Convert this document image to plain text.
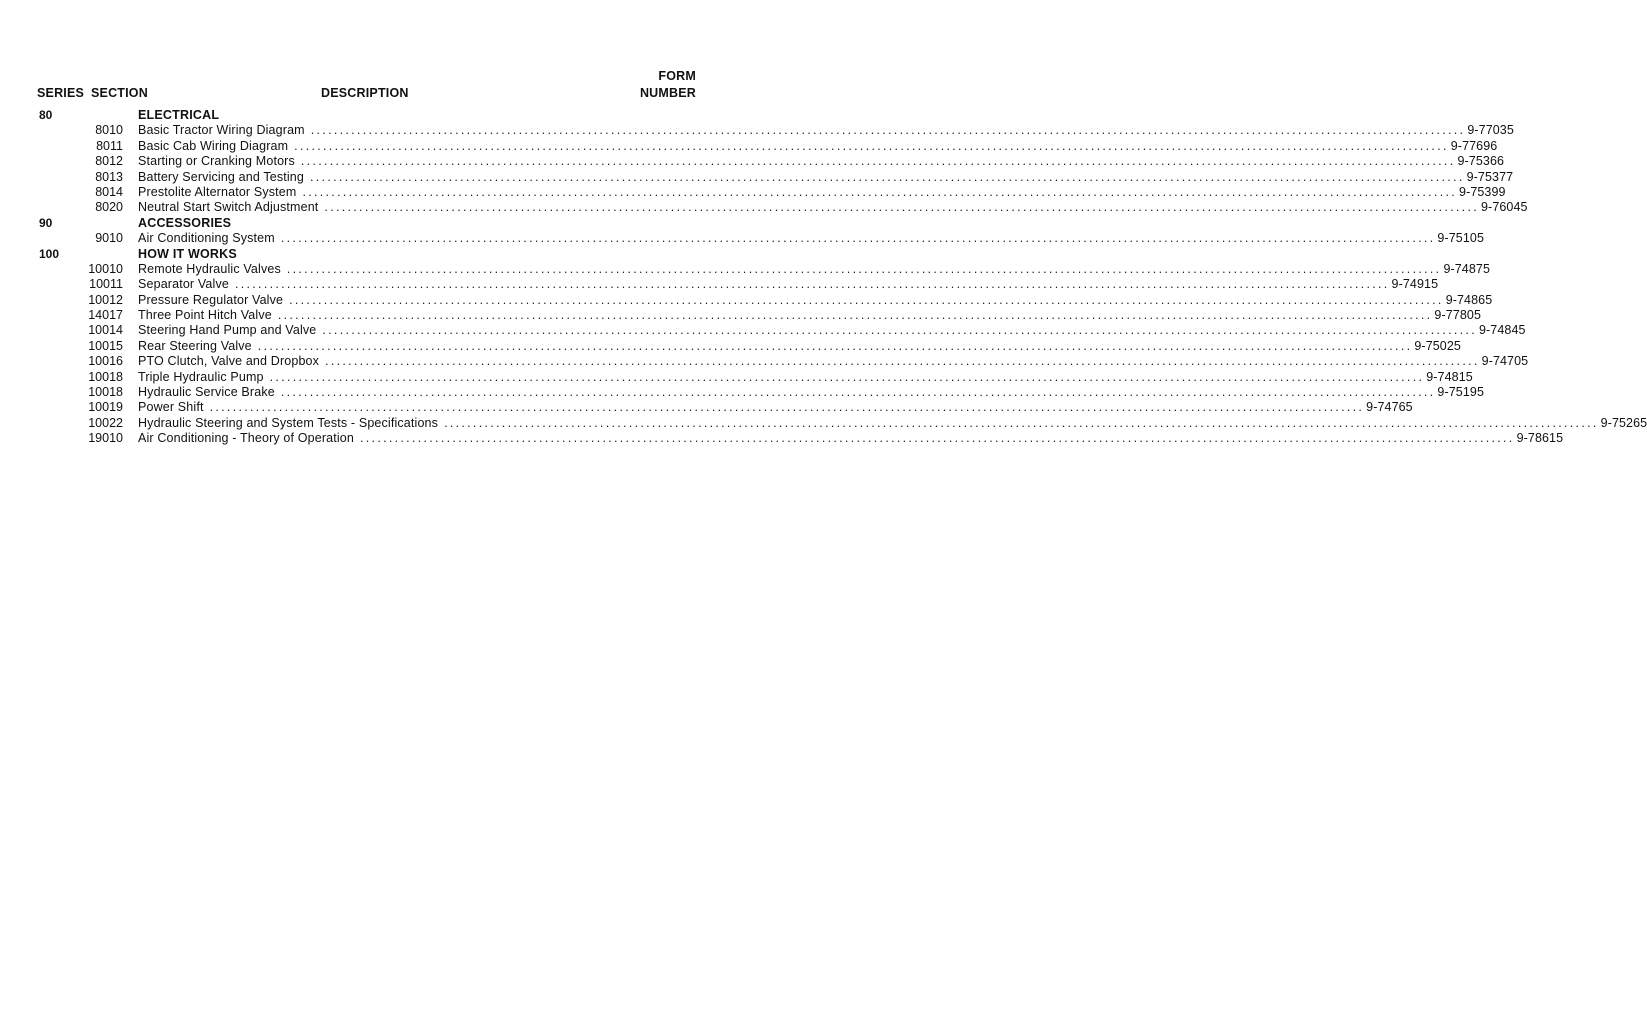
SERIES SECTION	DESCRIPTION
FORM
NUMBER
80	ELECTRICAL
8010 Basic Tractor Wiring Diagram ........................................................................................................................................................................................................ 9-77035
8011 Basic Cab Wiring Diagram ........................................................................................................................................................................................................ 9-77696
8012 Starting or Cranking Motors ........................................................................................................................................................................................................ 9-75366
8013 Battery Servicing and Testing ........................................................................................................................................................................................................ 9-75377
8014 Prestolite Alternator System ........................................................................................................................................................................................................ 9-75399
8020 Neutral Start Switch Adjustment ........................................................................................................................................................................................................ 9-76045
90	ACCESSORIES
9010 Air Conditioning System ........................................................................................................................................................................................................ 9-75105
100	HOW IT WORKS
10010 Remote Hydraulic Valves ........................................................................................................................................................................................................ 9-74875
10011 Separator Valve ........................................................................................................................................................................................................ 9-74915
10012 Pressure Regulator Valve ........................................................................................................................................................................................................ 9-74865
14017 Three Point Hitch Valve ........................................................................................................................................................................................................ 9-77805
10014 Steering Hand Pump and Valve ........................................................................................................................................................................................................ 9-74845
10015 Rear Steering Valve ........................................................................................................................................................................................................ 9-75025
10016 PTO Clutch, Valve and Dropbox ........................................................................................................................................................................................................ 9-74705
10018 Triple Hydraulic Pump ........................................................................................................................................................................................................ 9-74815
10018 Hydraulic Service Brake ........................................................................................................................................................................................................ 9-75195
10019 Power Shift ........................................................................................................................................................................................................ 9-74765
10022 Hydraulic Steering and System Tests - Specifications ........................................................................................................................................................................................................ 9-75265
19010 Air Conditioning - Theory of Operation ........................................................................................................................................................................................................ 9-78615
